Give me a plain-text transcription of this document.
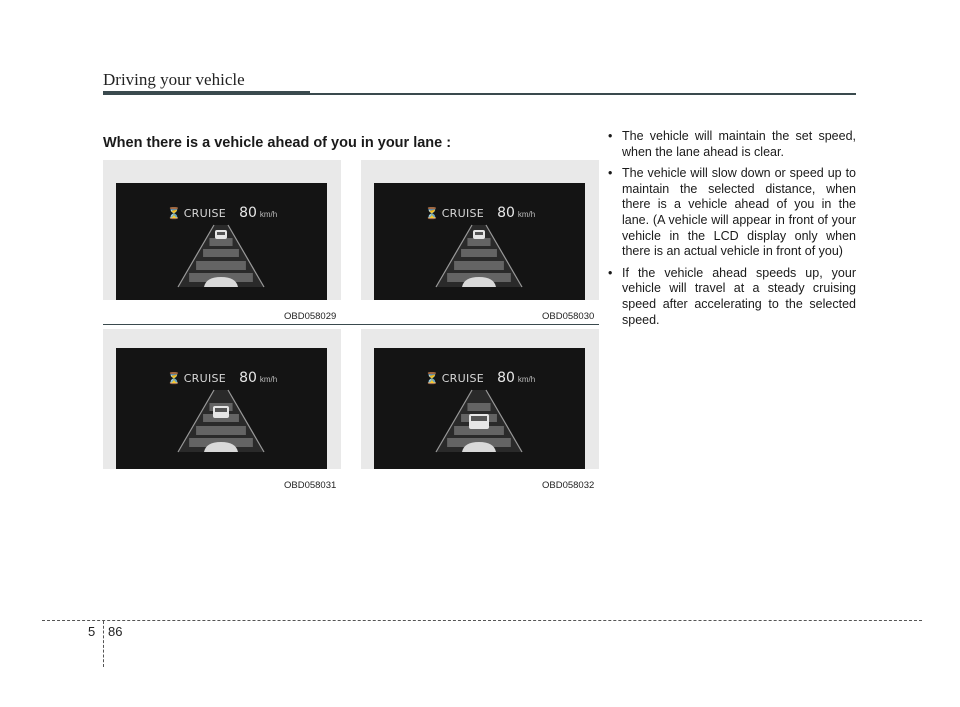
Driving your vehicle
When there is a vehicle ahead of you in your lane :
⏳ CRUISE 80 km/h	⏳ CRUISE 80 km/h
⏳ CRUISE 80 km/h	⏳ CRUISE 80 km/h
OBD058029	OBD058030
OBD058031	OBD058032
• The vehicle will maintain the set speed, when the lane ahead is clear.
• The vehicle will slow down or speed up to maintain the selected distance, when there is a vehicle ahead of you in the lane. (A vehicle will appear in front of your vehicle in the LCD display only when there is an actual vehicle in front of you)
• If the vehicle ahead speeds up, your vehicle will travel at a steady cruising speed after accelerating to the selected speed.
5 86
